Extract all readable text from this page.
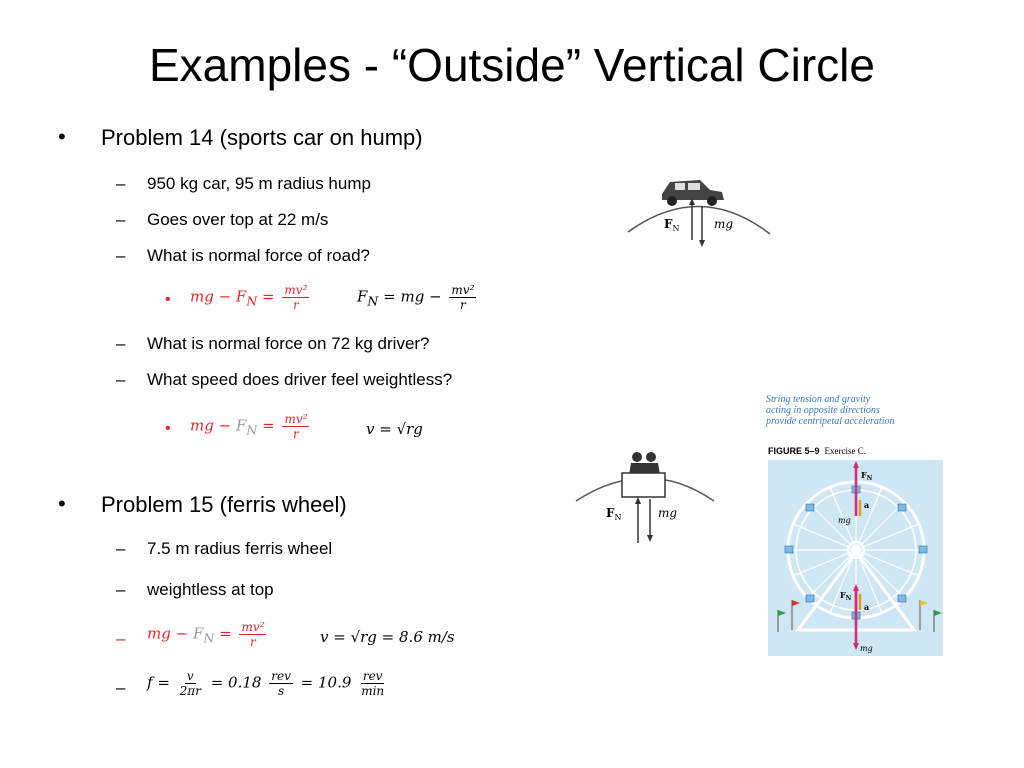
Examples - “Outside” Vertical Circle
• Problem 14 (sports car on hump)
– 950 kg car, 95 m radius hump
– Goes over top at 22 m/s
– What is normal force of road?
• mg − $F_N = \frac{\text{mv²}}{r}$	$F_N$ = mg − $\frac{\text{mv²}}{r}$
– What is normal force on 72 kg driver?
– What speed does driver feel weightless?
• mg − $F_N = \frac{\text{mv²}}{r}$	v = √rg
• Problem 15 (ferris wheel)
– 7.5 m radius ferris wheel
– weightless at top
– mg − $F_N = \frac{\text{mv²}}{r}$	v = √rg = 8.6 m/s
– $f = \frac{v}{2\pi r} = 0.18 \frac{\text{rev}}{s} = 10.9 \frac{\text{rev}}{\min}$
$F_N$	mg
$F_N$	mg
String tension and gravity
acting in opposite directions
provide centripetal acceleration
FIGURE 5–9 Exercise C.
$F_N$
a
mg
$F_N$
a
mg
